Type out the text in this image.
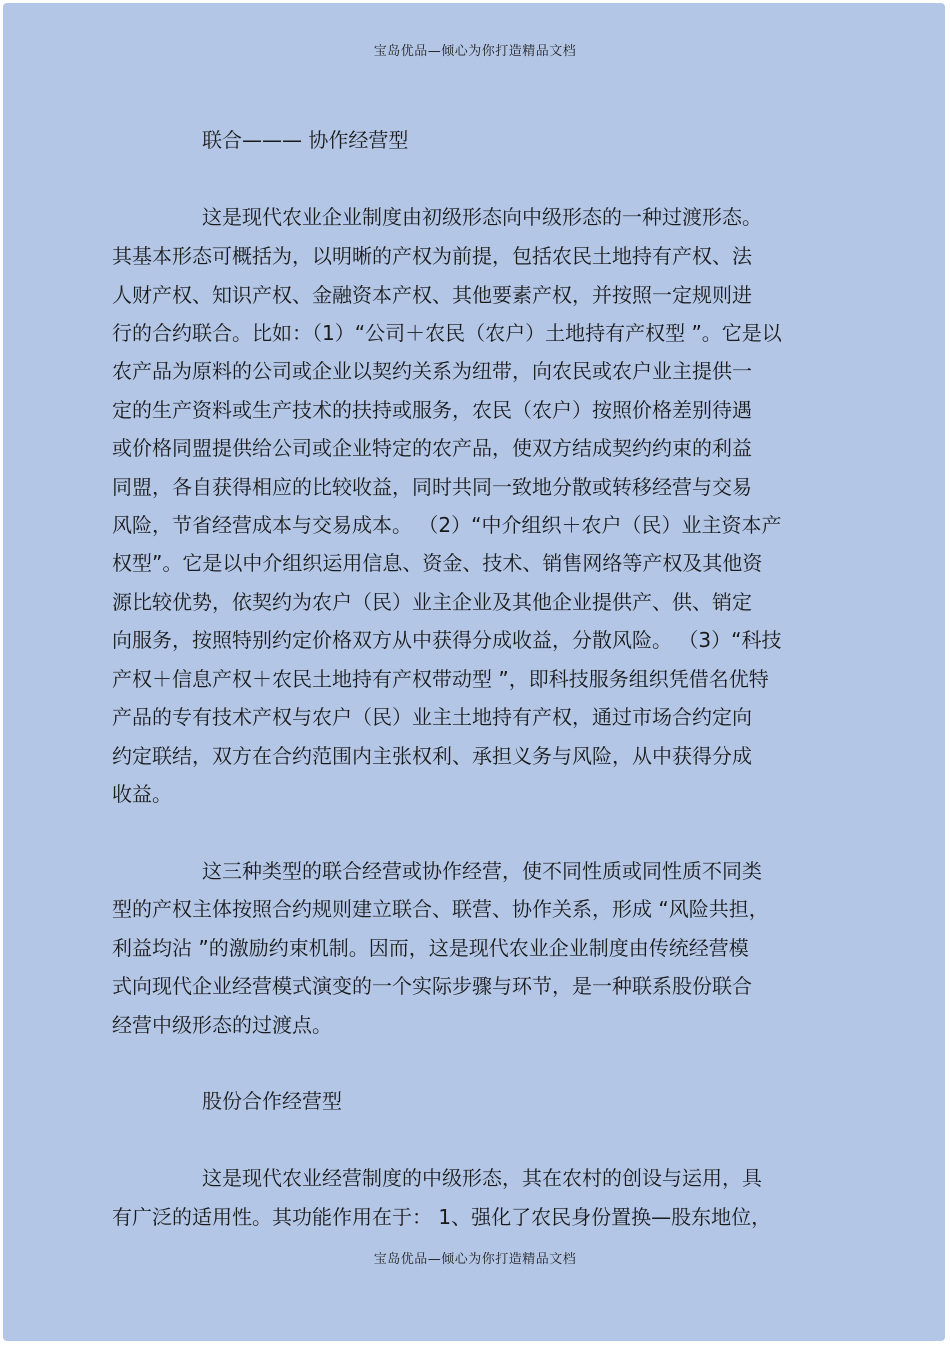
宝岛优品—倾心为你打造精品文档
联合——— 协作经营型
这是现代农业企业制度由初级形态向中级形态的一种过渡形态。
其基本形态可概括为，以明晰的产权为前提，包括农民土地持有产权、法
人财产权、知识产权、金融资本产权、其他要素产权，并按照一定规则进
行的合约联合。比如：（1）“公司＋农民（农户）土地持有产权型 ”。它是以
农产品为原料的公司或企业以契约关系为纽带，向农民或农户业主提供一
定的生产资料或生产技术的扶持或服务，农民（农户）按照价格差别待遇
或价格同盟提供给公司或企业特定的农产品，使双方结成契约约束的利益
同盟，各自获得相应的比较收益，同时共同一致地分散或转移经营与交易
风险，节省经营成本与交易成本。 （2）“中介组织＋农户（民）业主资本产
权型”。它是以中介组织运用信息、资金、技术、销售网络等产权及其他资
源比较优势，依契约为农户（民）业主企业及其他企业提供产、供、销定
向服务，按照特别约定价格双方从中获得分成收益，分散风险。 （3）“科技
产权＋信息产权＋农民土地持有产权带动型 ”，即科技服务组织凭借名优特
产品的专有技术产权与农户（民）业主土地持有产权，通过市场合约定向
约定联结，双方在合约范围内主张权利、承担义务与风险，从中获得分成
收益。
这三种类型的联合经营或协作经营，使不同性质或同性质不同类
型的产权主体按照合约规则建立联合、联营、协作关系，形成 “风险共担，
利益均沾 ”的激励约束机制。因而，这是现代农业企业制度由传统经营模
式向现代企业经营模式演变的一个实际步骤与环节，是一种联系股份联合
经营中级形态的过渡点。
股份合作经营型
这是现代农业经营制度的中级形态，其在农村的创设与运用，具
有广泛的适用性。其功能作用在于： 1、强化了农民身份置换—股东地位，
宝岛优品—倾心为你打造精品文档
